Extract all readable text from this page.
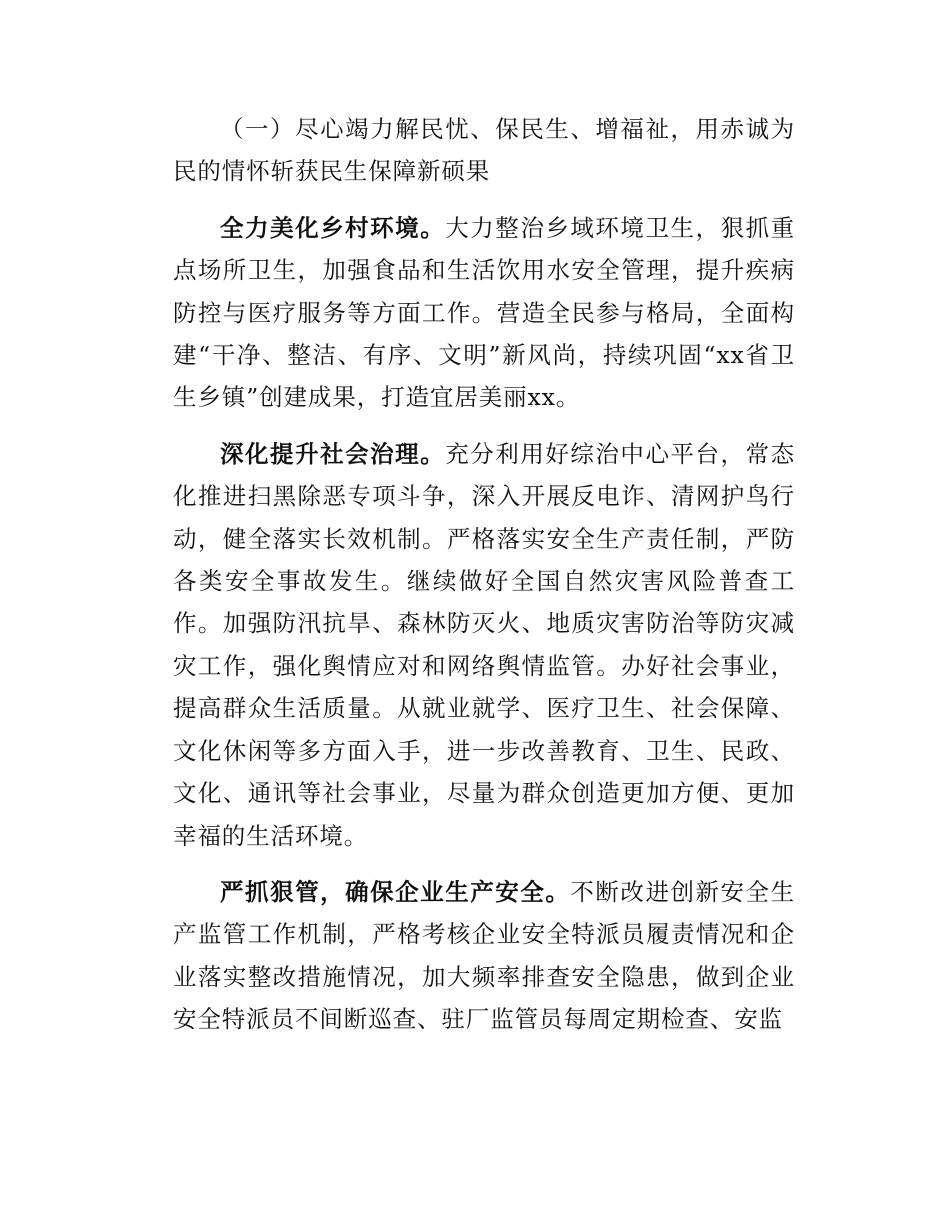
（一）尽心竭力解民忧、保民生、增福祉，用赤诚为民的情怀斩获民生保障新硕果

全力美化乡村环境。大力整治乡域环境卫生，狠抓重点场所卫生，加强食品和生活饮用水安全管理，提升疾病防控与医疗服务等方面工作。营造全民参与格局，全面构建“干净、整洁、有序、文明”新风尚，持续巩固“xx省卫生乡镇”创建成果，打造宜居美丽xx。

深化提升社会治理。充分利用好综治中心平台，常态化推进扫黑除恶专项斗争，深入开展反电诈、清网护鸟行动，健全落实长效机制。严格落实安全生产责任制，严防各类安全事故发生。继续做好全国自然灾害风险普查工作。加强防汛抗旱、森林防灭火、地质灾害防治等防灾减灾工作，强化舆情应对和网络舆情监管。办好社会事业，提高群众生活质量。从就业就学、医疗卫生、社会保障、文化休闲等多方面入手，进一步改善教育、卫生、民政、文化、通讯等社会事业，尽量为群众创造更加方便、更加幸福的生活环境。

严抓狠管，确保企业生产安全。不断改进创新安全生产监管工作机制，严格考核企业安全特派员履责情况和企业落实整改措施情况，加大频率排查安全隐患，做到企业安全特派员不间断巡查、驻厂监管员每周定期检查、安监
